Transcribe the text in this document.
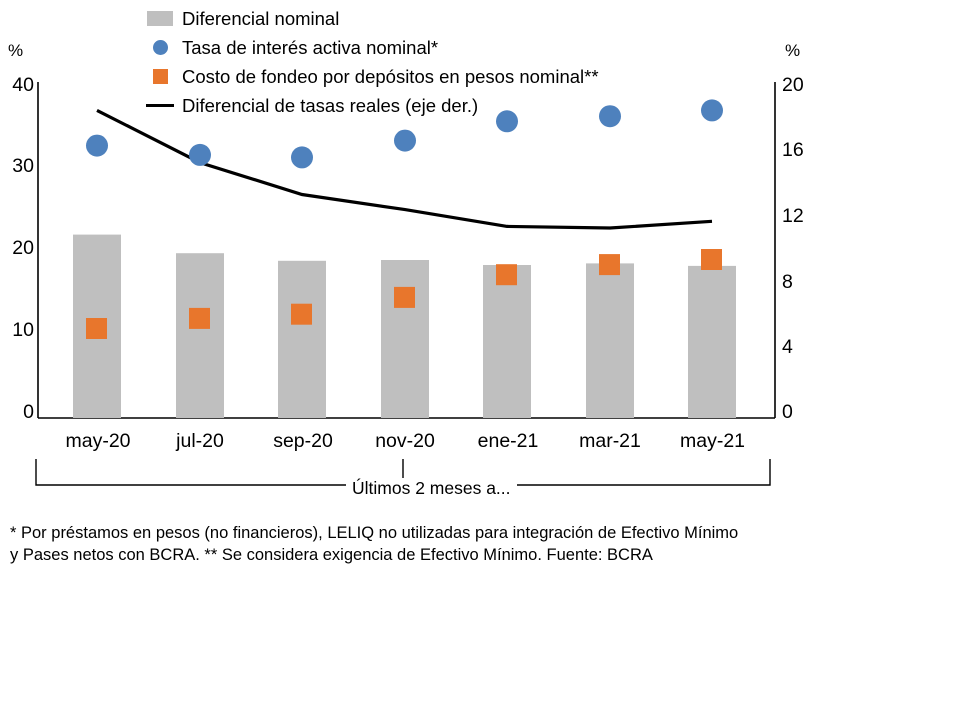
Diferencial nominal
Tasa de interés activa nominal*
Costo de fondeo por depósitos en pesos nominal**
Diferencial de tasas reales (eje der.)
%	%
40
30
20
10
0
20
16
12
8
4
0
may-20	jul-20	sep-20	nov-20	ene-21	mar-21	may-21
Últimos 2 meses a...
* Por préstamos en pesos (no financieros), LELIQ no utilizadas para integración de Efectivo Mínimo
y Pases netos con BCRA. ** Se considera exigencia de Efectivo Mínimo. Fuente: BCRA
